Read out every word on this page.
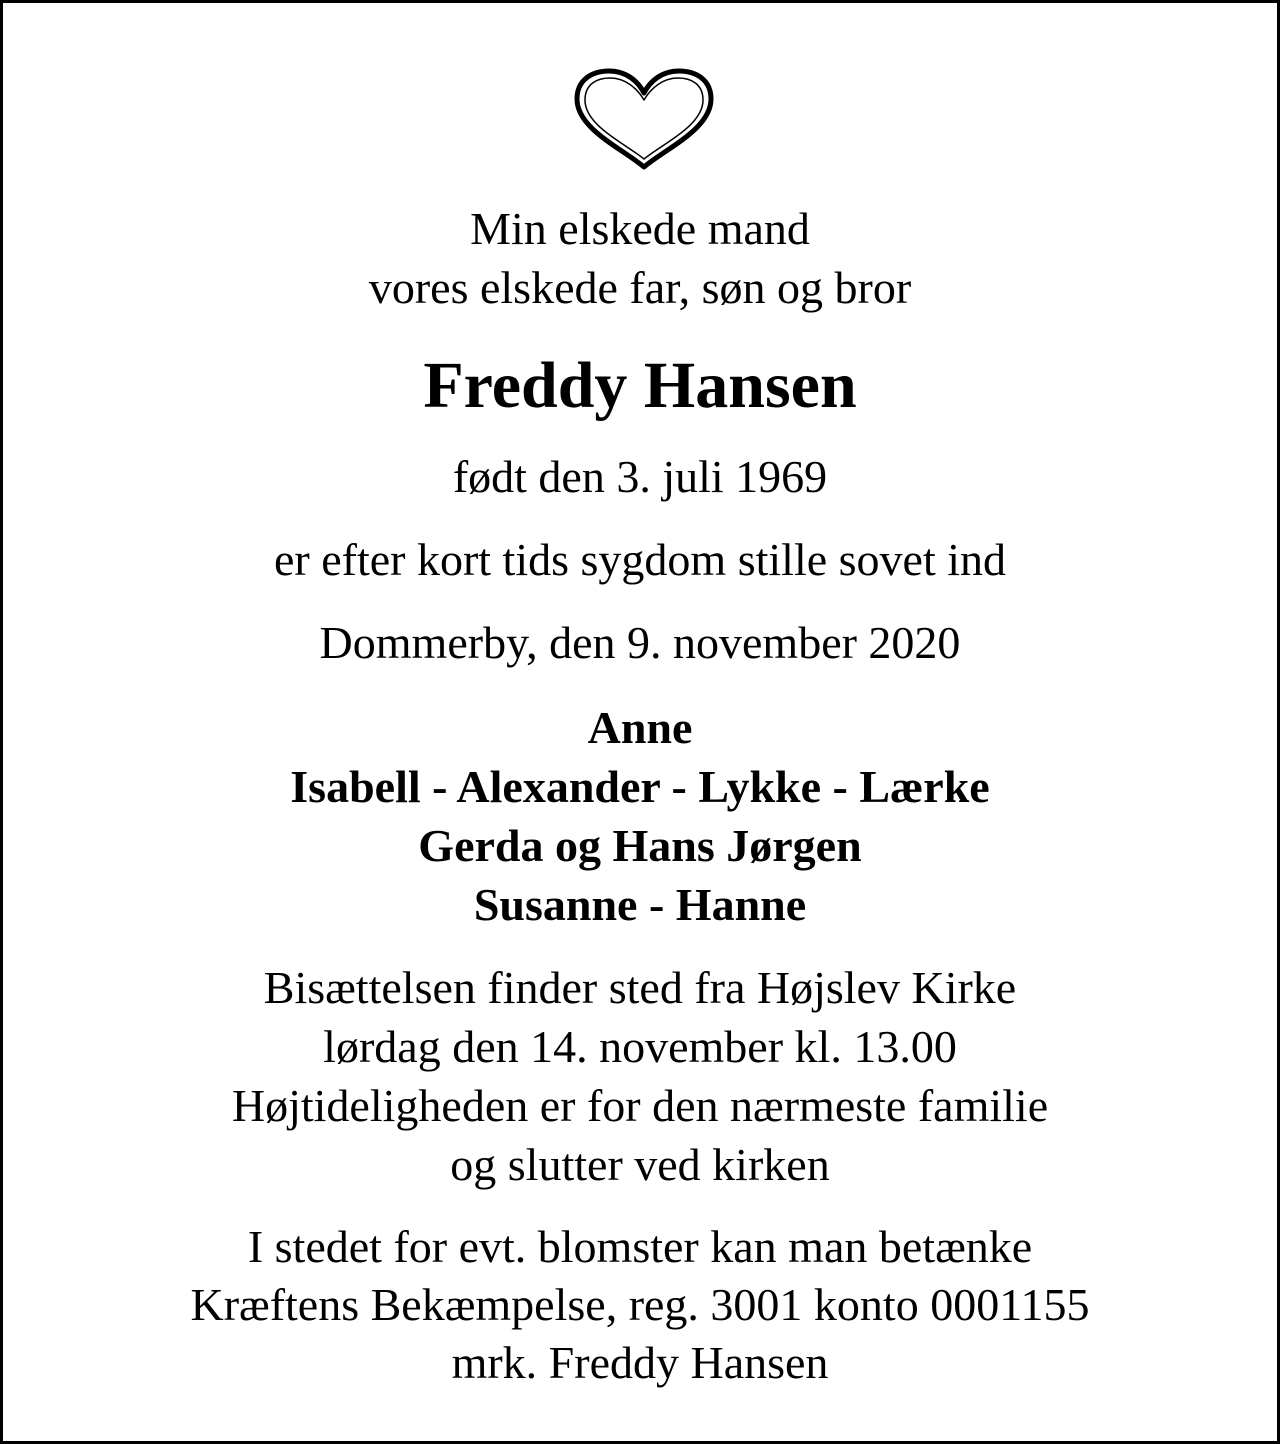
Min elskede mand
vores elskede far, søn og bror
Freddy Hansen
født den 3. juli 1969
er efter kort tids sygdom stille sovet ind
Dommerby, den 9. november 2020
Anne
Isabell - Alexander - Lykke - Lærke
Gerda og Hans Jørgen
Susanne - Hanne
Bisættelsen finder sted fra Højslev Kirke
lørdag den 14. november kl. 13.00
Højtideligheden er for den nærmeste familie
og slutter ved kirken
I stedet for evt. blomster kan man betænke
Kræftens Bekæmpelse, reg. 3001 konto 0001155
mrk. Freddy Hansen
